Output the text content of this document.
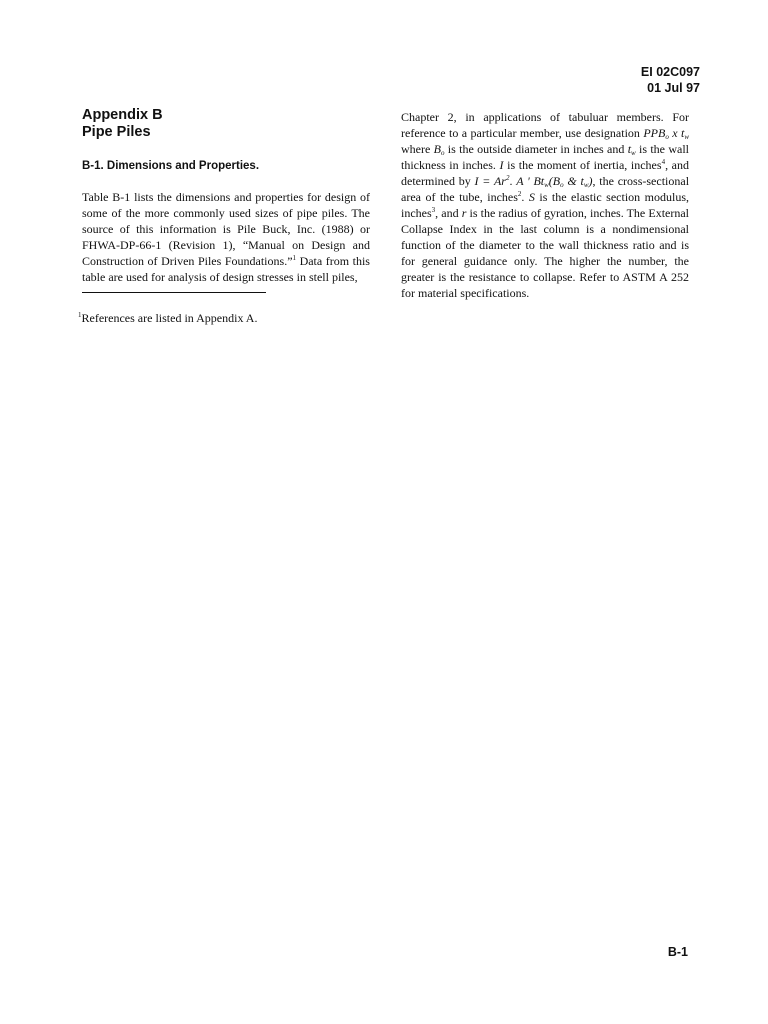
EI 02C097
01 Jul 97
Appendix B
Pipe Piles
B-1. Dimensions and Properties.

Table B-1 lists the dimensions and properties for design of some of the more commonly used sizes of pipe piles. The source of this information is Pile Buck, Inc. (1988) or FHWA-DP-66-1 (Revision 1), “Manual on Design and Construction of Driven Piles Foundations.”$^1$ Data from this table are used for analysis of design stresses in stell piles,

$^1$References are listed in Appendix A.

Chapter 2, in applications of tabuluar members. For reference to a particular member, use designation $PPB_o$ x $t_w$ where $B_o$ is the outside diameter in inches and $t_w$ is the wall thickness in inches. I is the moment of inertia, inches$^4$, and determined by $I = Ar^2$. A ' $Bt_w(B_o$ & $t_w$), the cross-sectional area of the tube, inches$^2$. S is the elastic section modulus, inches$^3$, and r is the radius of gyration, inches. The External Collapse Index in the last column is a nondimensional function of the diameter to the wall thickness ratio and is for general guidance only. The higher the number, the greater is the resistance to collapse. Refer to ASTM A 252 for material specifications.

B-1
